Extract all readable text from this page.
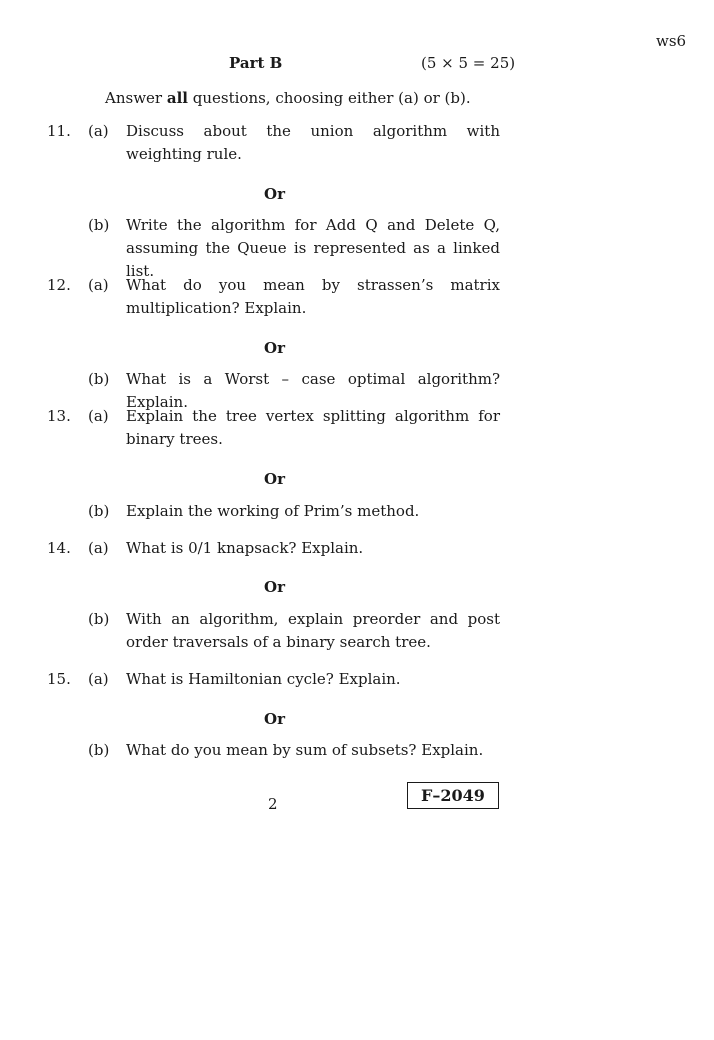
ws6
Part B	(5 × 5 = 25)
Answer all questions, choosing either (a) or (b).
11. (a) Discuss about the union algorithm with weighting rule.
Or
(b) Write the algorithm for Add Q and Delete Q, assuming the Queue is represented as a linked list.
12. (a) What do you mean by strassen’s matrix multiplication? Explain.
Or
(b) What is a Worst – case optimal algorithm? Explain.
13. (a) Explain the tree vertex splitting algorithm for binary trees.
Or
(b) Explain the working of Prim’s method.
14. (a) What is 0/1 knapsack? Explain.
Or
(b) With an algorithm, explain preorder and post order traversals of a binary search tree.
15. (a) What is Hamiltonian cycle? Explain.
Or
(b) What do you mean by sum of subsets? Explain.
2	F–2049
